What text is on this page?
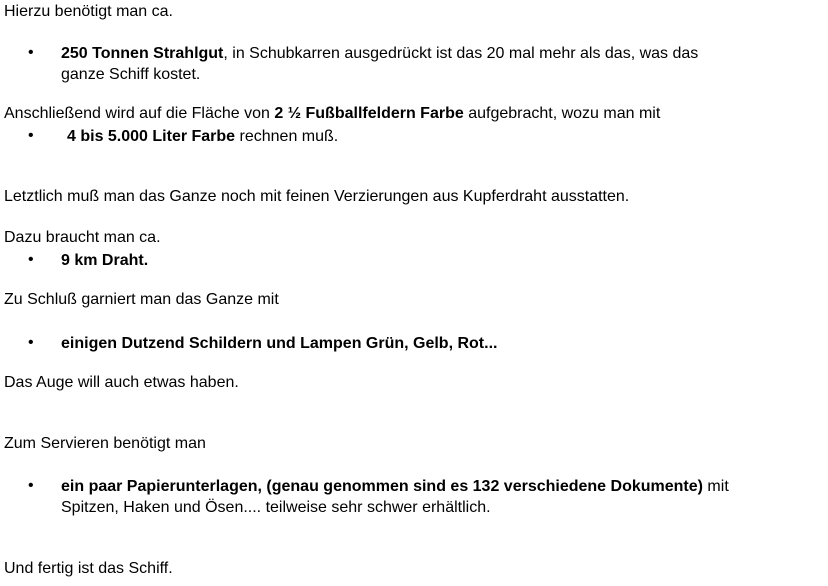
Hierzu benötigt man ca.
•	250 Tonnen Strahlgut, in Schubkarren ausgedrückt ist das 20 mal mehr als das, was das
ganze Schiff kostet.
Anschließend wird auf die Fläche von 2 ½ Fußballfeldern Farbe aufgebracht, wozu man mit
•	4 bis 5.000 Liter Farbe rechnen muß.
Letztlich muß man das Ganze noch mit feinen Verzierungen aus Kupferdraht ausstatten.
Dazu braucht man ca.
•	9 km Draht.
Zu Schluß garniert man das Ganze mit
•	einigen Dutzend Schildern und Lampen Grün, Gelb, Rot...
Das Auge will auch etwas haben.
Zum Servieren benötigt man
•	ein paar Papierunterlagen, (genau genommen sind es 132 verschiedene Dokumente) mit
Spitzen, Haken und Ösen.... teilweise sehr schwer erhältlich.
Und fertig ist das Schiff.
